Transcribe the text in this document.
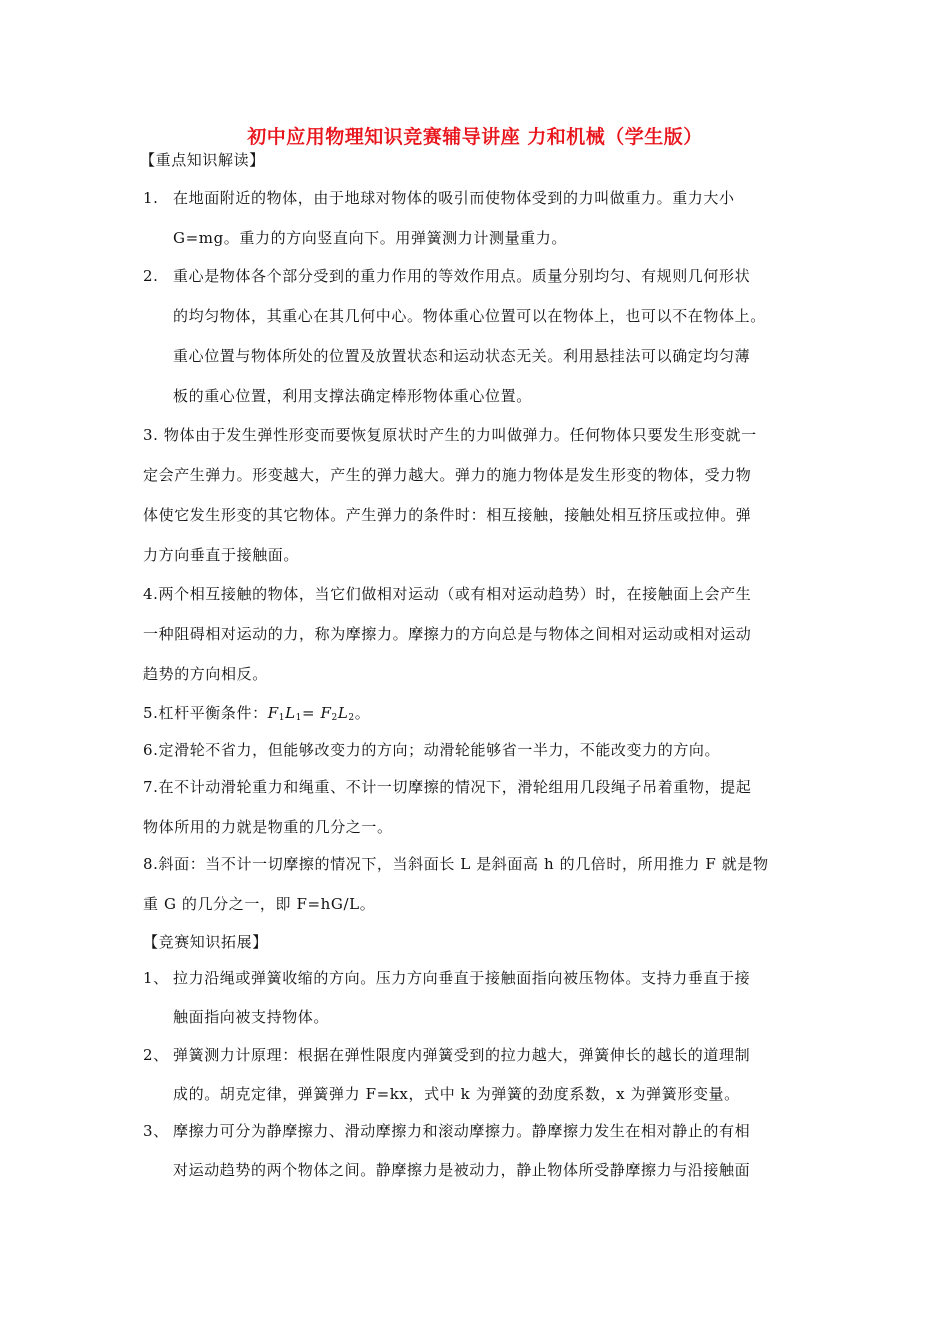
初中应用物理知识竞赛辅导讲座 力和机械（学生版）
【重点知识解读】
1. 在地面附近的物体，由于地球对物体的吸引而使物体受到的力叫做重力。重力大小
G=mg。重力的方向竖直向下。用弹簧测力计测量重力。
2. 重心是物体各个部分受到的重力作用的等效作用点。质量分别均匀、有规则几何形状
的均匀物体，其重心在其几何中心。物体重心位置可以在物体上，也可以不在物体上。
重心位置与物体所处的位置及放置状态和运动状态无关。利用悬挂法可以确定均匀薄
板的重心位置，利用支撑法确定棒形物体重心位置。
3. 物体由于发生弹性形变而要恢复原状时产生的力叫做弹力。任何物体只要发生形变就一
定会产生弹力。形变越大，产生的弹力越大。弹力的施力物体是发生形变的物体，受力物
体使它发生形变的其它物体。产生弹力的条件时：相互接触，接触处相互挤压或拉伸。弹
力方向垂直于接触面。
4.两个相互接触的物体，当它们做相对运动（或有相对运动趋势）时，在接触面上会产生
一种阻碍相对运动的力，称为摩擦力。摩擦力的方向总是与物体之间相对运动或相对运动
趋势的方向相反。
5.杠杆平衡条件：$F_1L_1= F_2L_2$。
6.定滑轮不省力，但能够改变力的方向；动滑轮能够省一半力，不能改变力的方向。
7.在不计动滑轮重力和绳重、不计一切摩擦的情况下，滑轮组用几段绳子吊着重物，提起
物体所用的力就是物重的几分之一。
8.斜面：当不计一切摩擦的情况下，当斜面长 L 是斜面高 h 的几倍时，所用推力 F 就是物
重 G 的几分之一，即 F=hG/L。
【竞赛知识拓展】
1、 拉力沿绳或弹簧收缩的方向。压力方向垂直于接触面指向被压物体。支持力垂直于接
触面指向被支持物体。
2、 弹簧测力计原理：根据在弹性限度内弹簧受到的拉力越大，弹簧伸长的越长的道理制
成的。胡克定律，弹簧弹力 F=kx，式中 k 为弹簧的劲度系数，x 为弹簧形变量。
3、 摩擦力可分为静摩擦力、滑动摩擦力和滚动摩擦力。静摩擦力发生在相对静止的有相
对运动趋势的两个物体之间。静摩擦力是被动力，静止物体所受静摩擦力与沿接触面
